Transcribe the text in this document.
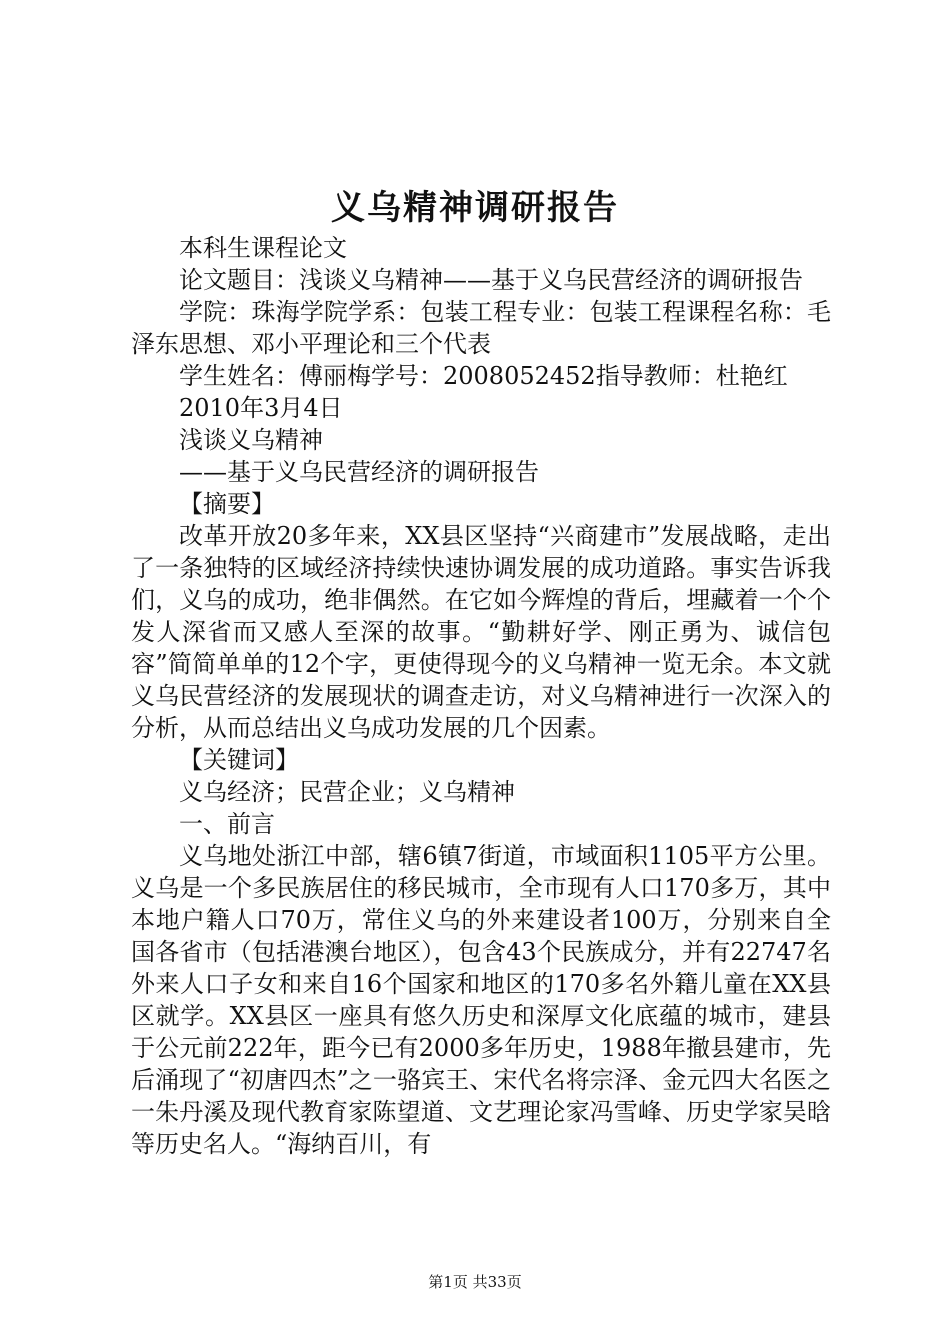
义乌精神调研报告

本科生课程论文

论文题目：浅谈义乌精神——基于义乌民营经济的调研报告

学院：珠海学院学系：包装工程专业：包装工程课程名称：毛泽东思想、邓小平理论和三个代表

学生姓名：傅丽梅学号：2008052452指导教师：杜艳红

2010年3月4日

浅谈义乌精神

——基于义乌民营经济的调研报告

【摘要】

改革开放20多年来，XX县区坚持“兴商建市”发展战略，走出了一条独特的区域经济持续快速协调发展的成功道路。事实告诉我们，义乌的成功，绝非偶然。在它如今辉煌的背后，埋藏着一个个发人深省而又感人至深的故事。“勤耕好学、刚正勇为、诚信包容”简简单单的12个字，更使得现今的义乌精神一览无余。本文就义乌民营经济的发展现状的调查走访，对义乌精神进行一次深入的分析，从而总结出义乌成功发展的几个因素。

【关键词】

义乌经济；民营企业；义乌精神

一、前言

义乌地处浙江中部，辖6镇7街道，市域面积1105平方公里。义乌是一个多民族居住的移民城市，全市现有人口170多万，其中本地户籍人口70万，常住义乌的外来建设者100万，分别来自全国各省市（包括港澳台地区），包含43个民族成分，并有22747名外来人口子女和来自16个国家和地区的170多名外籍儿童在XX县区就学。XX县区一座具有悠久历史和深厚文化底蕴的城市，建县于公元前222年，距今已有2000多年历史，1988年撤县建市，先后涌现了“初唐四杰”之一骆宾王、宋代名将宗泽、金元四大名医之一朱丹溪及现代教育家陈望道、文艺理论家冯雪峰、历史学家吴晗等历史名人。“海纳百川，有

第1页 共33页
